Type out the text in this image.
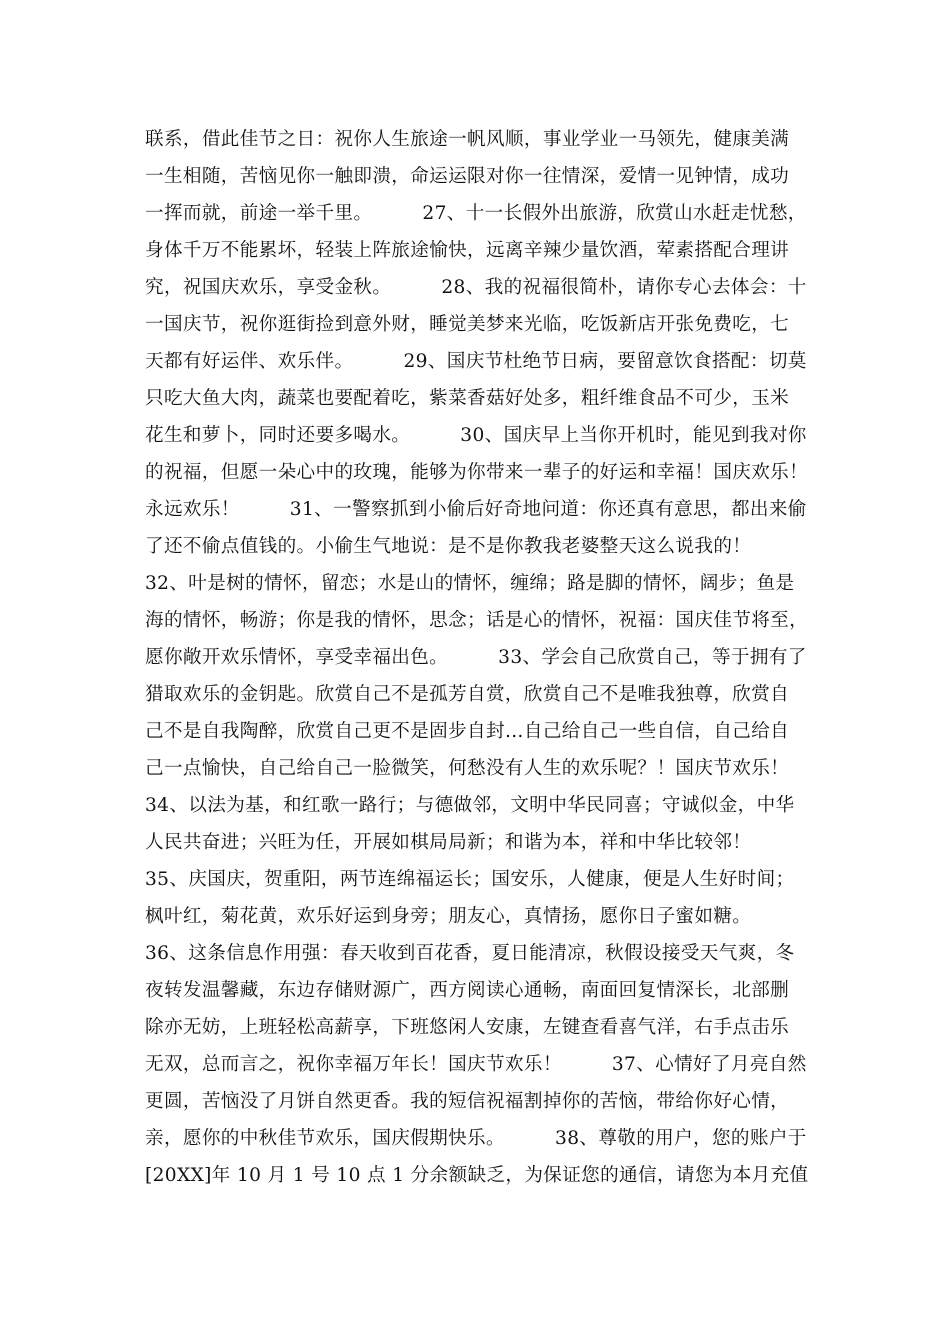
联系，借此佳节之日：祝你人生旅途一帆风顺，事业学业一马领先，健康美满
一生相随，苦恼见你一触即溃，命运运限对你一往情深，爱情一见钟情，成功
一挥而就，前途一举千里。        27、十一长假外出旅游，欣赏山水赶走忧愁，
身体千万不能累坏，轻装上阵旅途愉快，远离辛辣少量饮酒，荤素搭配合理讲
究，祝国庆欢乐，享受金秋。        28、我的祝福很简朴，请你专心去体会：十
一国庆节，祝你逛街捡到意外财，睡觉美梦来光临，吃饭新店开张免费吃，七
天都有好运伴、欢乐伴。        29、国庆节杜绝节日病，要留意饮食搭配：切莫
只吃大鱼大肉，蔬菜也要配着吃，紫菜香菇好处多，粗纤维食品不可少，玉米
花生和萝卜，同时还要多喝水。        30、国庆早上当你开机时，能见到我对你
的祝福，但愿一朵心中的玫瑰，能够为你带来一辈子的好运和幸福！国庆欢乐！
永远欢乐！        31、一警察抓到小偷后好奇地问道：你还真有意思，都出来偷
了还不偷点值钱的。小偷生气地说：是不是你教我老婆整天这么说我的！
32、叶是树的情怀，留恋；水是山的情怀，缠绵；路是脚的情怀，阔步；鱼是
海的情怀，畅游；你是我的情怀，思念；话是心的情怀，祝福：国庆佳节将至，
愿你敞开欢乐情怀，享受幸福出色。        33、学会自己欣赏自己，等于拥有了
猎取欢乐的金钥匙。欣赏自己不是孤芳自赏，欣赏自己不是唯我独尊，欣赏自
己不是自我陶醉，欣赏自己更不是固步自封…自己给自己一些自信，自己给自
己一点愉快，自己给自己一脸微笑，何愁没有人生的欢乐呢？！国庆节欢乐！
34、以法为基，和红歌一路行；与德做邻，文明中华民同喜；守诚似金，中华
人民共奋进；兴旺为任，开展如棋局局新；和谐为本，祥和中华比较邻！
35、庆国庆，贺重阳，两节连绵福运长；国安乐，人健康，便是人生好时间；
枫叶红，菊花黄，欢乐好运到身旁；朋友心，真情扬，愿你日子蜜如糖。
36、这条信息作用强：春天收到百花香，夏日能清凉，秋假设接受天气爽，冬
夜转发温馨藏，东边存储财源广，西方阅读心通畅，南面回复情深长，北部删
除亦无妨，上班轻松高薪享，下班悠闲人安康，左键查看喜气洋，右手点击乐
无双，总而言之，祝你幸福万年长！国庆节欢乐！        37、心情好了月亮自然
更圆，苦恼没了月饼自然更香。我的短信祝福割掉你的苦恼，带给你好心情，
亲，愿你的中秋佳节欢乐，国庆假期快乐。        38、尊敬的用户，您的账户于
[20XX]年 10 月 1 号 10 点 1 分余额缺乏，为保证您的通信，请您为本月充值
